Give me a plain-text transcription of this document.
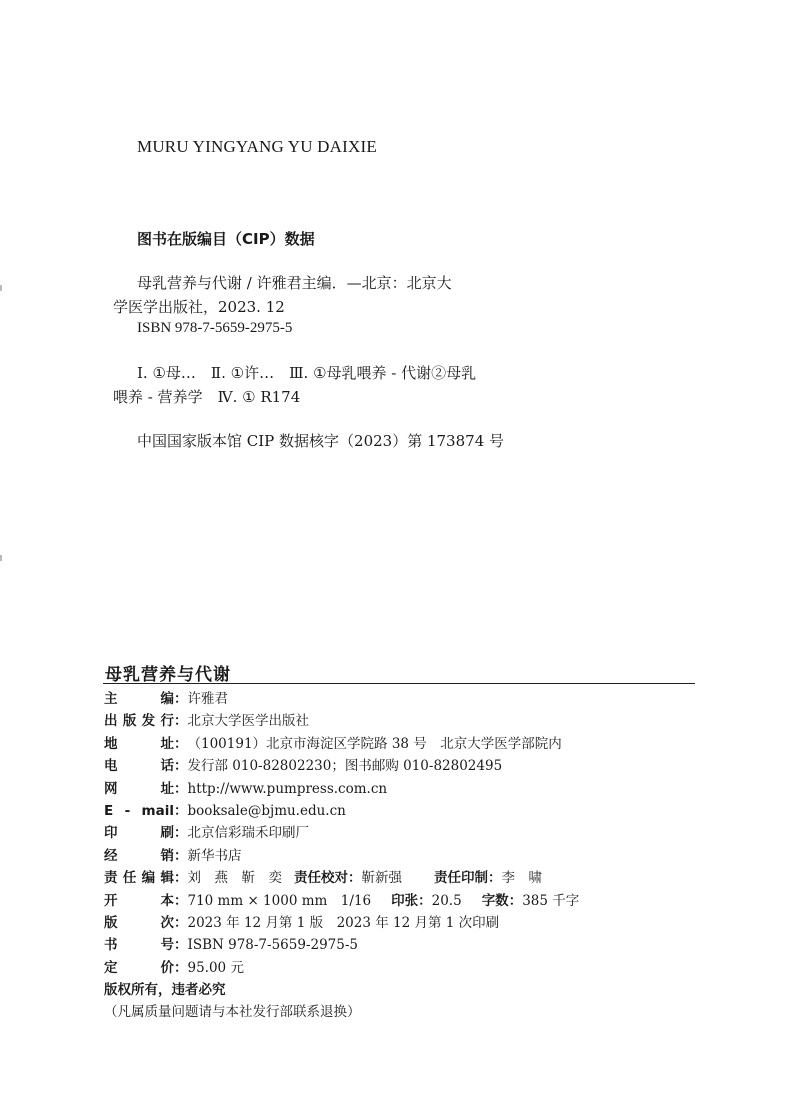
MURU YINGYANG YU DAIXIE
图书在版编目（CIP）数据
母乳营养与代谢 / 许雅君主编．—北京：北京大
学医学出版社，2023. 12
ISBN 978-7-5659-2975-5
Ⅰ. ①母…　Ⅱ. ①许…　Ⅲ. ①母乳喂养 - 代谢②母乳
喂养 - 营养学　Ⅳ. ① R174
中国国家版本馆 CIP 数据核字（2023）第 173874 号
母乳营养与代谢
主　　编：许雅君
出版发行：北京大学医学出版社
地　　址：（100191）北京市海淀区学院路 38 号　北京大学医学部院内
电　　话：发行部 010-82802230；图书邮购 010-82802495
网　　址：http://www.pumpress.com.cn
E - mail：booksale@bjmu.edu.cn
印　　刷：北京信彩瑞禾印刷厂
经　　销：新华书店
责任编辑：刘　燕　靳　奕 责任校对：靳新强 责任印制：李　啸
开　　本：710 mm × 1000 mm　1/16 印张：20.5 字数：385 千字
版　　次：2023 年 12 月第 1 版　2023 年 12 月第 1 次印刷
书　　号：ISBN 978-7-5659-2975-5
定　　价：95.00 元
版权所有，违者必究
（凡属质量问题请与本社发行部联系退换）
